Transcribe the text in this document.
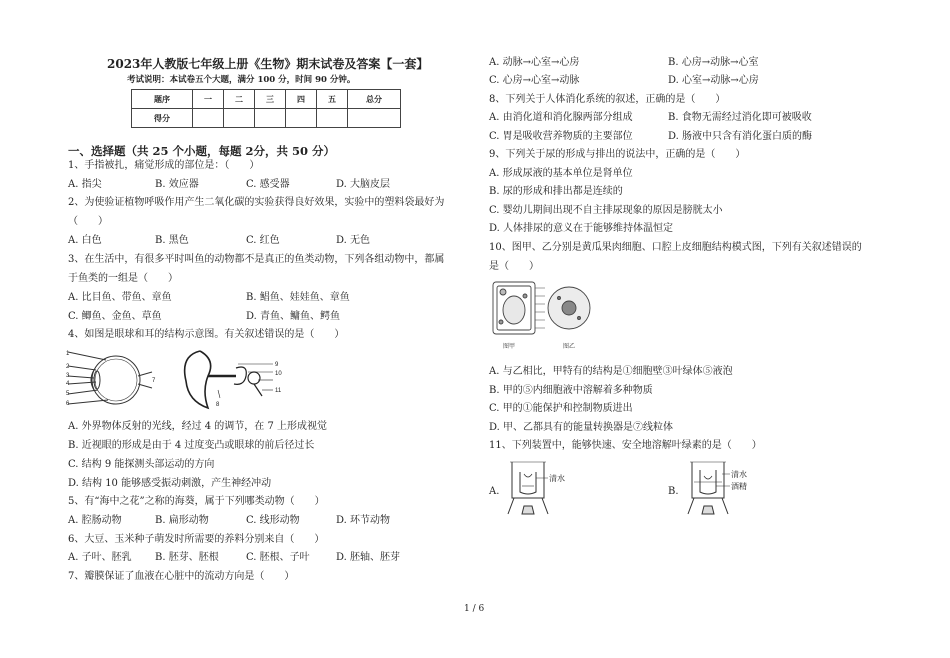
2023年人教版七年级上册《生物》期末试卷及答案【一套】
考试说明：本试卷五个大题，满分 100 分，时间 90 分钟。
题序	一	二	三	四	五	总分
得分						
一、选择题（共 25 个小题，每题 2分，共 50 分）
1、手指被扎，痛觉形成的部位是：（　　）
A. 指尖	B. 效应器	C. 感受器	D. 大脑皮层
2、为使验证植物呼吸作用产生二氧化碳的实验获得良好效果，实验中的塑料袋最好为
（　　）
A. 白色	B. 黑色	C. 红色	D. 无色
3、在生活中，有很多平时叫鱼的动物都不是真正的鱼类动物，下列各组动物中，都属
于鱼类的一组是（　　）
A. 比目鱼、带鱼、章鱼	B. 鲳鱼、娃娃鱼、章鱼
C. 鲫鱼、金鱼、草鱼	D. 青鱼、鳙鱼、鳄鱼
4、如图是眼球和耳的结构示意图。有关叙述错误的是（　　）
1
2
3
4
5
6
7
8
9
10
11
A. 外界物体反射的光线，经过 4 的调节，在 7 上形成视觉
B. 近视眼的形成是由于 4 过度变凸或眼球的前后径过长
C. 结构 9 能探测头部运动的方向
D. 结构 10 能够感受振动刺激，产生神经冲动
5、有“海中之花”之称的海葵，属于下列哪类动物（　　）
A. 腔肠动物	B. 扁形动物	C. 线形动物	D. 环节动物
6、大豆、玉米种子萌发时所需要的养料分别来自（　　）
A. 子叶、胚乳 B. 胚芽、胚根	C. 胚根、子叶	D. 胚轴、胚芽
7、瓣膜保证了血液在心脏中的流动方向是（　　）
A. 动脉→心室→心房	B. 心房→动脉→心室
C. 心房→心室→动脉	D. 心室→动脉→心房
8、下列关于人体消化系统的叙述，正确的是（　　）
A. 由消化道和消化腺两部分组成	B. 食物无需经过消化即可被吸收
C. 胃是吸收营养物质的主要部位	D. 肠液中只含有消化蛋白质的酶
9、下列关于尿的形成与排出的说法中，正确的是（　　）
A. 形成尿液的基本单位是肾单位
B. 尿的形成和排出都是连续的
C. 婴幼儿期间出现不自主排尿现象的原因是膀胱太小
D. 人体排尿的意义在于能够维持体温恒定
10、图甲、乙分别是黄瓜果肉细胞、口腔上皮细胞结构模式图，下列有关叙述错误的
是（　　）
图甲	图乙
A. 与乙相比，甲特有的结构是①细胞壁③叶绿体⑤液泡
B. 甲的⑤内细胞液中溶解着多种物质
C. 甲的①能保护和控制物质进出
D. 甲、乙都具有的能量转换器是⑦线粒体
11、下列装置中，能够快速、安全地溶解叶绿素的是（　　）
A.
清水
B.
清水
酒精
1 / 6
